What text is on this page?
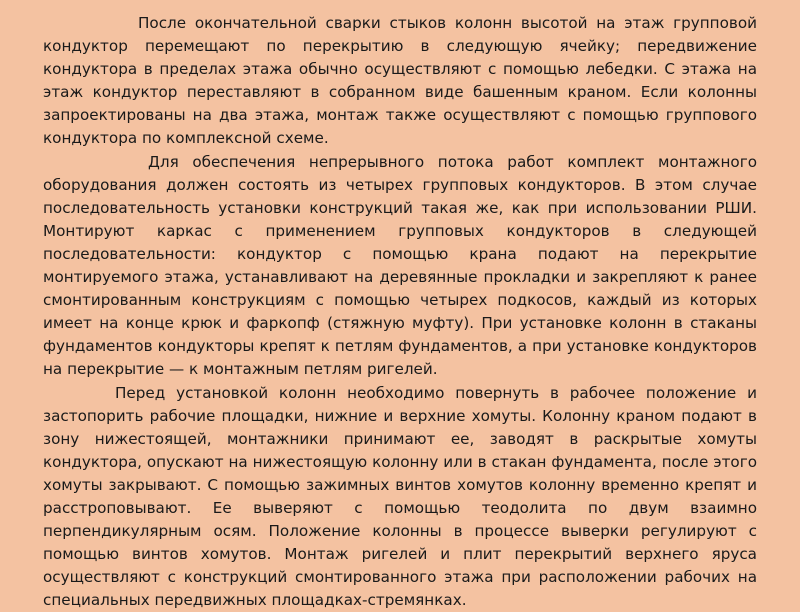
После окончательной сварки стыков колонн высотой на этаж групповой кондуктор перемещают по перекрытию в следующую ячейку; передвижение кондуктора в пределах этажа обычно осуществляют с помощью лебедки. С этажа на этаж кондуктор переставляют в собранном виде башенным краном. Если колонны запроектированы на два этажа, монтаж также осуществляют с помощью группового кондуктора по комплексной схеме.

Для обеспечения непрерывного потока работ комплект монтажного оборудования должен состоять из четырех групповых кондукторов. В этом случае последовательность установки конструкций такая же, как при использовании РШИ. Монтируют каркас с применением групповых кондукторов в следующей последовательности: кондуктор с помощью крана подают на перекрытие монтируемого этажа, устанавливают на деревянные прокладки и закрепляют к ранее смонтированным конструкциям с помощью четырех подкосов, каждый из которых имеет на конце крюк и фаркопф (стяжную муфту). При установке колонн в стаканы фундаментов кондукторы крепят к петлям фундаментов, а при установке кондукторов на перекрытие — к монтажным петлям ригелей.

Перед установкой колонн необходимо повернуть в рабочее положение и застопорить рабочие площадки, нижние и верхние хомуты. Колонну краном подают в зону нижестоящей, монтажники принимают ее, заводят в раскрытые хомуты кондуктора, опускают на нижестоящую колонну или в стакан фундамента, после этого хомуты закрывают. С помощью зажимных винтов хомутов колонну временно крепят и расстроповывают. Ее выверяют с помощью теодолита по двум взаимно перпендикулярным осям. Положение колонны в процессе выверки регулируют с помощью винтов хомутов. Монтаж ригелей и плит перекрытий верхнего яруса осуществляют с конструкций смонтированного этажа при расположении рабочих на специальных передвижных площадках-стремянках.
